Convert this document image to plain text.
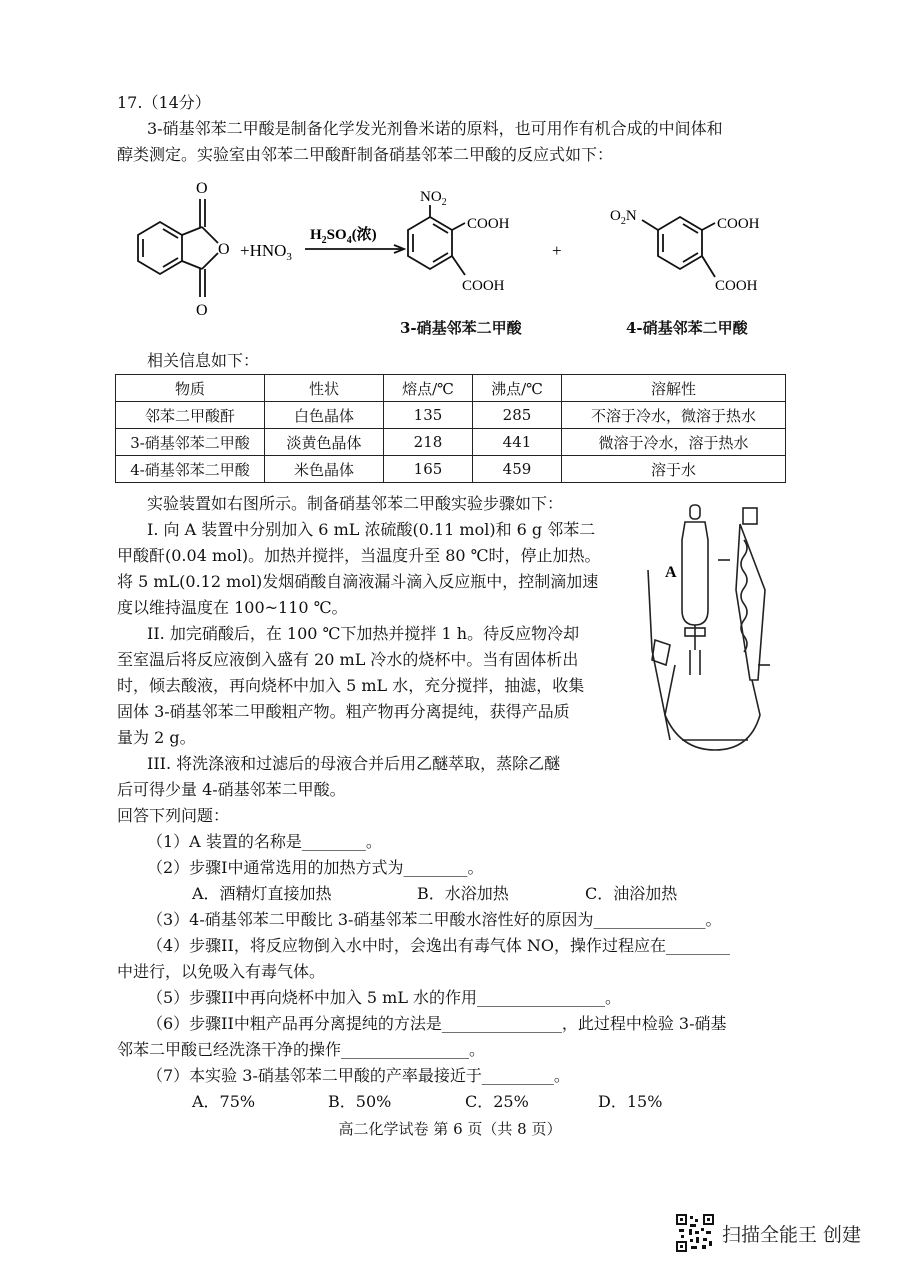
17.（14分）
3-硝基邻苯二甲酸是制备化学发光剂鲁米诺的原料，也可用作有机合成的中间体和
醇类测定。实验室由邻苯二甲酸酐制备硝基邻苯二甲酸的反应式如下：
O
O
O
$+HNO_3$
$H_2SO_4$(浓)
$NO_2$
COOH
COOH
+
$O_2N$	COOH
COOH
3-硝基邻苯二甲酸	4-硝基邻苯二甲酸
相关信息如下：
物质	性状	熔点/℃	沸点/℃	溶解性
邻苯二甲酸酐	白色晶体	135	285	不溶于冷水，微溶于热水
3-硝基邻苯二甲酸	淡黄色晶体	218	441	微溶于冷水，溶于热水
4-硝基邻苯二甲酸	米色晶体	165	459	溶于水
实验装置如右图所示。制备硝基邻苯二甲酸实验步骤如下：
I. 向 A 装置中分别加入 6 mL 浓硫酸(0.11 mol)和 6 g 邻苯二
甲酸酐(0.04 mol)。加热并搅拌，当温度升至 80 ℃时，停止加热。
将 5 mL(0.12 mol)发烟硝酸自滴液漏斗滴入反应瓶中，控制滴加速
度以维持温度在 100~110 ℃。
II. 加完硝酸后，在 100 ℃下加热并搅拌 1 h。待反应物冷却
至室温后将反应液倒入盛有 20 mL 冷水的烧杯中。当有固体析出
时，倾去酸液，再向烧杯中加入 5 mL 水，充分搅拌，抽滤，收集
固体 3-硝基邻苯二甲酸粗产物。粗产物再分离提纯，获得产品质
量为 2 g。
III. 将洗涤液和过滤后的母液合并后用乙醚萃取，蒸除乙醚
后可得少量 4-硝基邻苯二甲酸。
A
回答下列问题：
（1）A 装置的名称是________。
（2）步骤I中通常选用的加热方式为________。
A．酒精灯直接加热	B．水浴加热	C．油浴加热
（3）4-硝基邻苯二甲酸比 3-硝基邻苯二甲酸水溶性好的原因为______________。
（4）步骤II，将反应物倒入水中时，会逸出有毒气体 NO，操作过程应在________
中进行，以免吸入有毒气体。
（5）步骤II中再向烧杯中加入 5 mL 水的作用________________。
（6）步骤II中粗产品再分离提纯的方法是_______________，此过程中检验 3-硝基
邻苯二甲酸已经洗涤干净的操作________________。
（7）本实验 3-硝基邻苯二甲酸的产率最接近于_________。
A．75%	B．50%	C．25%	D．15%
高二化学试卷 第 6 页（共 8 页）
扫描全能王 创建
